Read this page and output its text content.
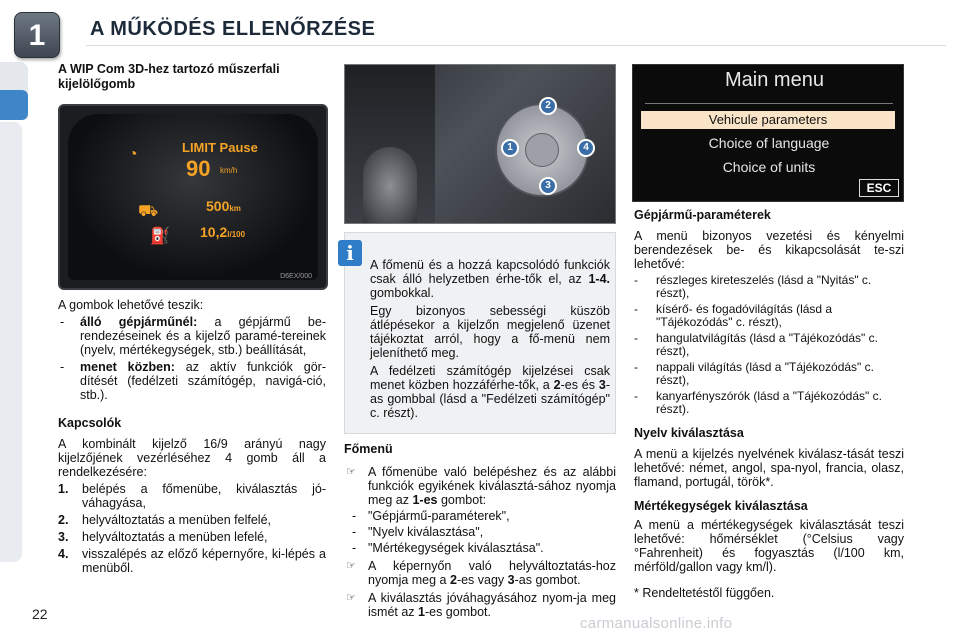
1	A MŰKÖDÉS ELLENŐRZÉSE
A WIP Com 3D-hez tartozó műszerfali kijelölőgomb
◔
⛟
⛽
LIMIT Pause
90 km/h
500km
10,2l/100
D6EX/000
A gombok lehetővé teszik:
- álló gépjárműnél: a gépjármű be-rendezéseinek és a kijelző paramé-tereinek (nyelv, mértékegységek, stb.) beállítását,
- menet közben: az aktív funkciók gör-dítését (fedélzeti számítógép, navigá-ció, stb.).
Kapcsolók
A kombinált kijelző 16/9 arányú nagy kijelzőjének vezérléséhez 4 gomb áll a rendelkezésére:
1. belépés a főmenübe, kiválasztás jó-váhagyása,
2. helyváltoztatás a menüben felfelé,
3. helyváltoztatás a menüben lefelé,
4. visszalépés az előző képernyőre, ki-lépés a menüből.
1
2
3
4
i	A főmenü és a hozzá kapcsolódó funkciók csak álló helyzetben érhe-tők el, az 1-4. gombokkal.

Egy bizonyos sebességi küszöb átlépésekor a kijelzőn megjelenő üzenet tájékoztat arról, hogy a fő-menü nem jeleníthető meg.

A fedélzeti számítógép kijelzései csak menet közben hozzáférhe-tők, a 2-es és 3-as gombbal (lásd a "Fedélzeti számítógép" c. részt).

Főmenü
☞ A főmenübe való belépéshez és az alábbi funkciók egyikének kiválasztá-sához nyomja meg az 1-es gombot:
- "Gépjármű-paraméterek",
- "Nyelv kiválasztása",
- "Mértékegységek kiválasztása".
☞ A képernyőn való helyváltoztatás-hoz nyomja meg a 2-es vagy 3-as gombot.
☞ A kiválasztás jóváhagyásához nyom-ja meg ismét az 1-es gombot.
Main menu
Vehicule parameters
Choice of language
Choice of units
ESC
Gépjármű-paraméterek
A menü bizonyos vezetési és kényelmi berendezések be- és kikapcsolását te-szi lehetővé:
- részleges kireteszelés (lásd a "Nyitás" c. részt),
- kísérő- és fogadóvilágítás (lásd a "Tájékozódás" c. részt),
- hangulatvilágítás (lásd a "Tájékozódás" c. részt),
- nappali világítás (lásd a "Tájékozódás" c. részt),
- kanyarfényszórók (lásd a "Tájékozódás" c. részt).
Nyelv kiválasztása
A menü a kijelzés nyelvének kiválasz-tását teszi lehetővé: német, angol, spa-nyol, francia, olasz, flamand, portugál, török*.
Mértékegységek kiválasztása
A menü a mértékegységek kiválasztását teszi lehetővé: hőmérséklet (°Celsius vagy °Fahrenheit) és fogyasztás (l/100 km, mérföld/gallon vagy km/l).
* Rendeltetéstől függően.
22
carmanualsonline.info
